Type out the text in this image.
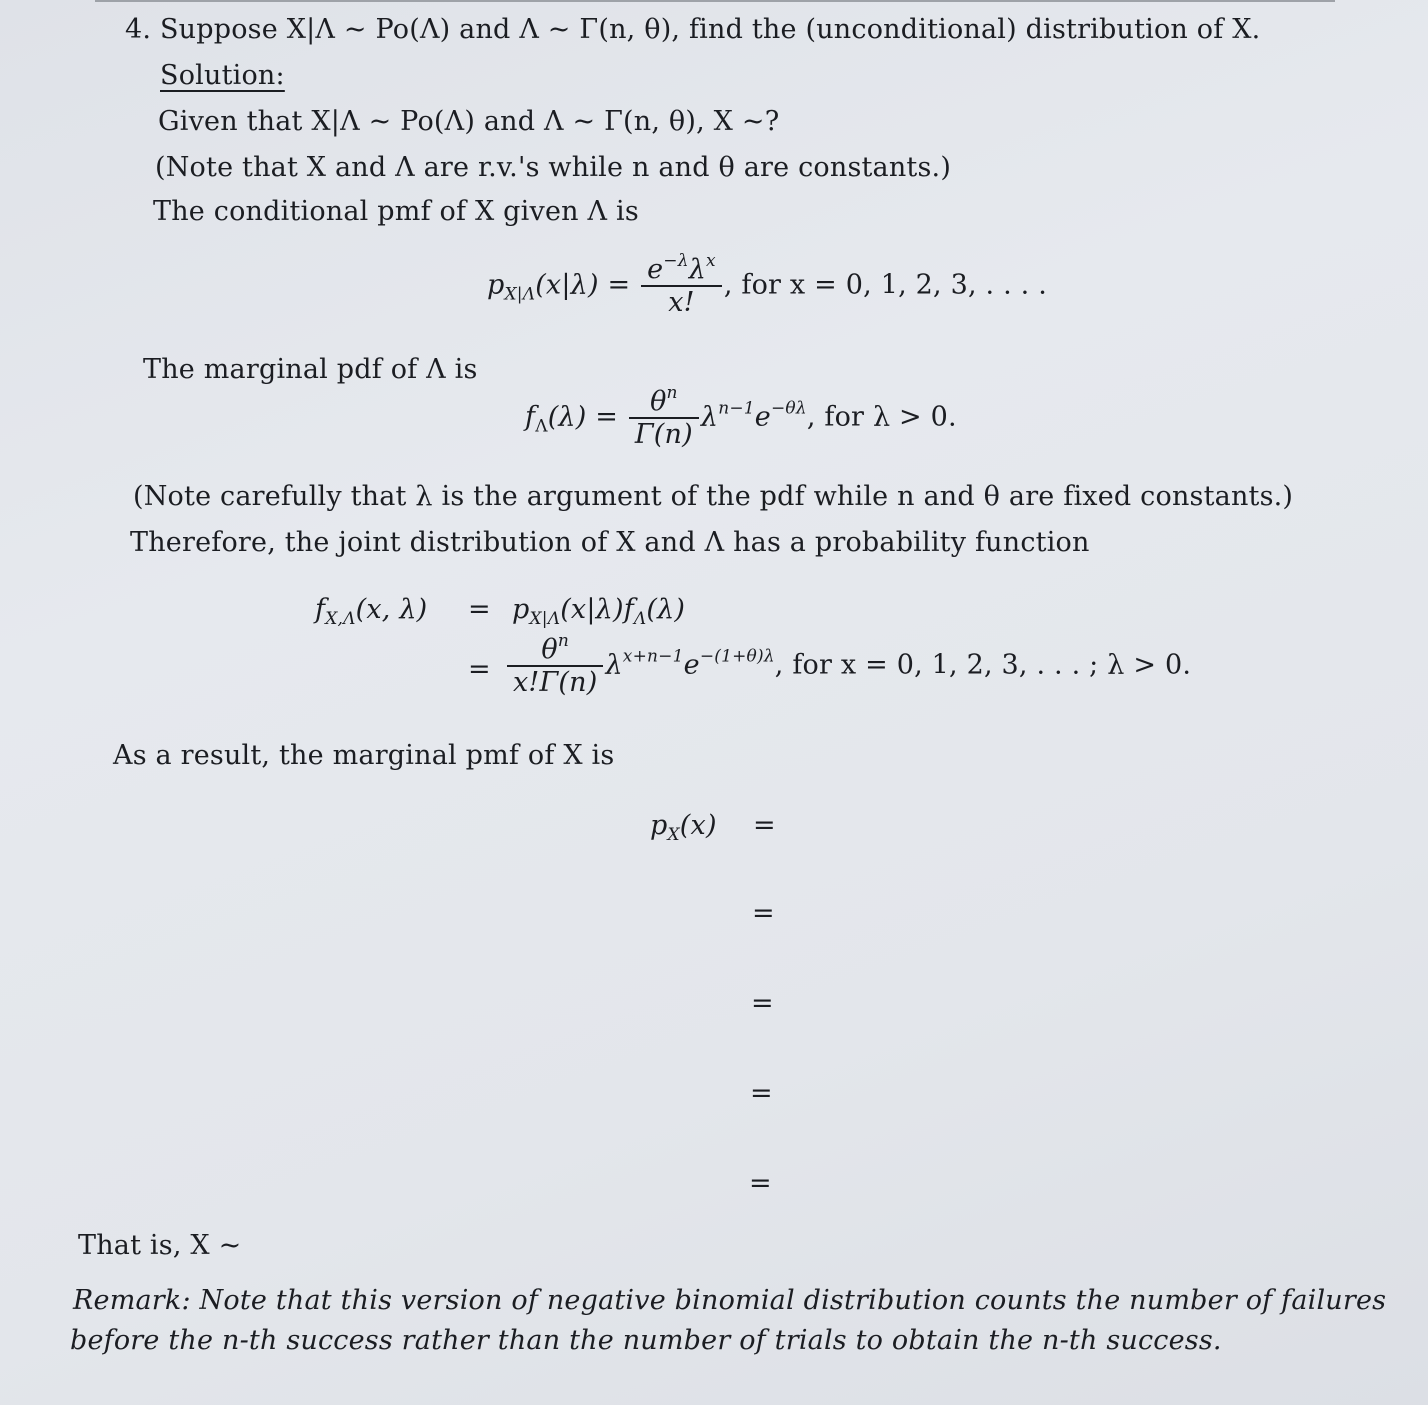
4. Suppose X|Λ ~ Po(Λ) and Λ ~ Γ(n, θ), find the (unconditional) distribution of X.
Solution:
Given that X|Λ ~ Po(Λ) and Λ ~ Γ(n, θ), X ~?
(Note that X and Λ are r.v.'s while n and θ are constants.)
The conditional pmf of X given Λ is
$p_{X|\Lambda}(x|\lambda) = \frac{e^{-\lambda}\lambda^x}{x!}$ , for x = 0, 1, 2, 3, . . . .
The marginal pdf of Λ is
$f_\Lambda(\lambda) = \frac{\theta^n}{\Gamma(n)} \lambda^{n-1}e^{-\theta\lambda}$, for λ > 0.
(Note carefully that λ is the argument of the pdf while n and θ are fixed constants.)
Therefore, the joint distribution of X and Λ has a probability function
$f_{X,\Lambda}(x$, $\lambda) = p_{X|\Lambda}(x|\lambda)f_\Lambda(\lambda)$
= $\frac{\theta^n}{x!\Gamma(n)} \lambda^{x+n-1}e^{-(1+\theta)\lambda}$, for x = 0, 1, 2, 3, . . . ; λ > 0.
As a result, the marginal pmf of X is
$p_X(x)$ =
=
=
=
=
That is, X ~
Remark: Note that this version of negative binomial distribution counts the number of failures
before the n-th success rather than the number of trials to obtain the n-th success.
